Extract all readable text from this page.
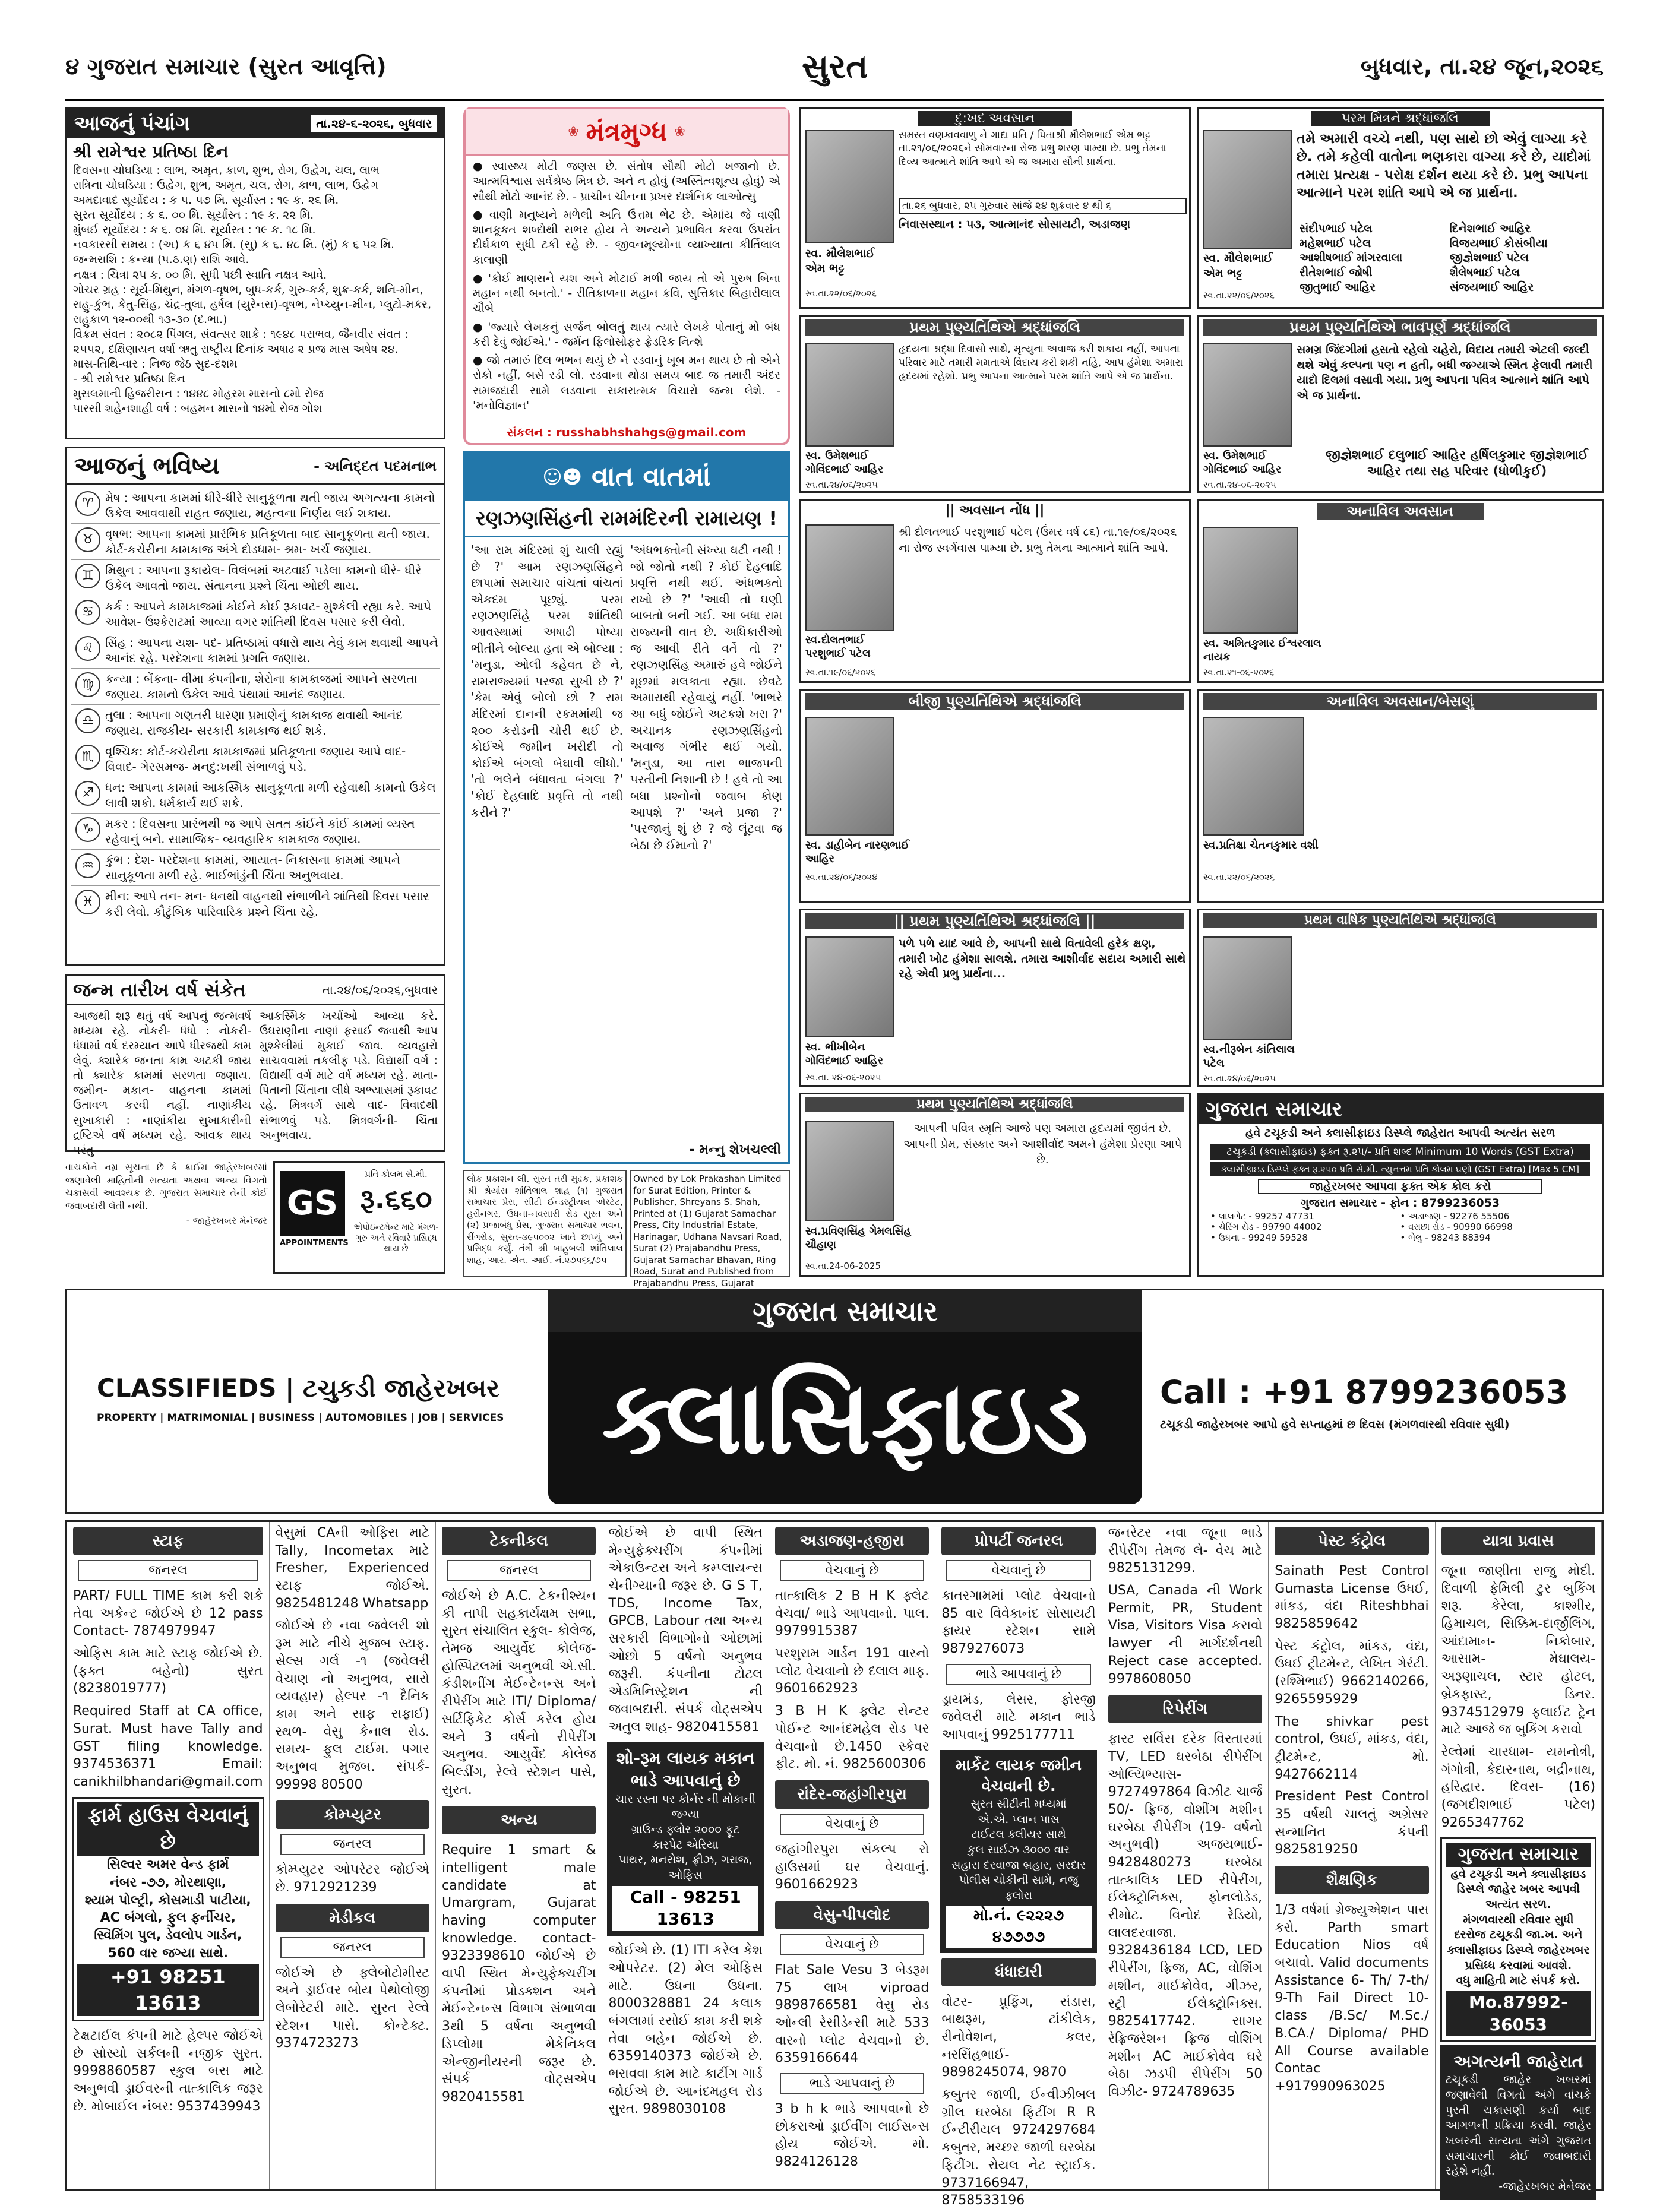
૪ ગુજરાત સમાચાર (સુરત આવૃત્તિ)	સુરત	બુધવાર, તા.૨૪ જૂન,૨૦૨૬
આજનું પંચાંગ	તા.૨૪-૬-૨૦૨૬, બુધવાર
શ્રી રામેશ્વર પ્રતિષ્ઠા દિન
દિવસના ચોઘડિયા : લાભ, અમૃત, કાળ, શુભ, રોગ, ઉદ્વેગ, ચલ, લાભ
રાત્રિના ચોઘડિયા : ઉદ્વેગ, શુભ, અમૃત, ચલ, રોગ, કાળ, લાભ, ઉદ્વેગ
અમદાવાદ સૂર્યોદય : ક ૫. ૫૭ મિ. સૂર્યાસ્ત : ૧૯ ક. ૨૬ મિ.
સુરત સૂર્યોદય : ક ૬. ૦૦ મિ. સૂર્યાસ્ત : ૧૯ ક. ૨૨ મિ.
મુંબઈ સૂર્યોદય : ક ૬. ૦૪ મિ. સૂર્યાસ્ત : ૧૯ ક. ૧૮ મિ.
નવકારસી સમય : (અ) ક ૬ ૪૫ મિ. (સુ) ક ૬. ૪૮ મિ. (મું) ક ૬ ૫૨ મિ.
જન્મરાશિ : કન્યા (પ.ઠ.ણ) રાશિ આવે.
નક્ષત્ર : ચિત્રા ૨૫ ક. ૦૦ મિ. સુધી પછી સ્વાતિ નક્ષત્ર આવે.
ગોચર ગ્રહ : સૂર્ય-મિથુન, મંગળ-વૃષભ, બુધ-કર્ક, ગુરુ-કર્ક, શુક્ર-કર્ક, શનિ-મીન, રાહુ-કુંભ, કેતુ-સિંહ, ચંદ્ર-તુલા, હર્ષલ (યુરેનસ)-વૃષભ, નેપ્ચ્યુન-મીન, પ્લુટો-મકર, રાહુકાળ ૧૨-૦૦થી ૧૩-૩૦ (દ.ભા.)
વિક્રમ સંવત : ૨૦૮૨ પિંગલ, સંવત્સર શાકે : ૧૯૪૮ પરાભવ, જૈનવીર સંવત : ૨૫૫૨, દક્ષિણાયન વર્ષા ઋતુ રાષ્ટ્રીય દિનાંક અષાઢ ૨ પ્રજ માસ અષેષ ૨૪.
માસ-તિથિ-વાર : નિજ જેઠ સુદ-દશમ
- શ્રી રામેશ્વર પ્રતિષ્ઠા દિન
મુસલમાની હિજરીસન : ૧૪૪૮ મોહરમ માસનો ૮મો રોજ
પારસી શહેનશાહી વર્ષ : બહમન માસનો ૧૪મો રોજ ગોશ
આજનું ભવિષ્ય	- અનિદ્દત પદમનાભ
♈ મેષ : આપના કામમાં ધીરે-ધીરે સાનુકૂળતા થતી જાય અગત્યના કામનો ઉકેલ આવવાથી રાહત જણાય, મહત્વના નિર્ણય લઈ શકાય.
♉ વૃષભ: આપના કામમાં પ્રારંભિક પ્રતિકૂળતા બાદ સાનુકૂળતા થતી જાય. કોર્ટ-કચેરીના કામકાજ અંગે દોડધામ- શ્રમ- ખર્ચ જણાય.
♊ મિથુન : આપના રૂકાયેલ- વિલંબમાં અટવાઈ પડેલા કામનો ધીરે- ધીરે ઉકેલ આવતો જાય. સંતાનના પ્રશ્ને ચિંતા ઓછી થાય.
♋ કર્ક : આપને કામકાજમાં કોઈને કોઈ રૂકાવટ- મુશ્કેલી રહ્યા કરે. આપે આવેશ- ઉશ્કેરાટમાં આવ્યા વગર શાંતિથી દિવસ પસાર કરી લેવો.
♌ સિંહ : આપના યશ- પદ- પ્રતિષ્ઠામાં વધારો થાય તેવું કામ થવાથી આપને આનંદ રહે. પરદેશના કામમાં પ્રગતિ જણાય.
♍ કન્યા : બેંકના- વીમા કંપનીના, શેરોના કામકાજમાં આપને સરળતા જણાય. કામનો ઉકેલ આવે પંથામાં આનંદ જણાય.
♎ તુલા : આપના ગણતરી ધારણા પ્રમાણેનું કામકાજ થવાથી આનંદ જણાય. રાજકીય- સરકારી કામકાજ થઈ શકે.
♏ વૃશ્ચિક: કોર્ટ-કચેરીના કામકાજમાં પ્રતિકૂળતા જણાય આપે વાદ- વિવાદ- ગેરસમજ- મનદુ:ખથી સંભાળવું પડે.
♐ ધન: આપના કામમાં આકસ્મિક સાનુકૂળતા મળી રહેવાથી કામનો ઉકેલ લાવી શકો. ધર્મકાર્ય થઈ શકે.
♑ મકર : દિવસના પ્રારંભથી જ આપે સતત કાંઈને કાંઈ કામમાં વ્યસ્ત રહેવાનું બને. સામાજિક- વ્યવહારિક કામકાજ જણાય.
♒ કુંભ : દેશ- પરદેશના કામમાં, આયાત- નિકાસના કામમાં આપને સાનુકૂળતા મળી રહે. ભાઈભાંડુંની ચિંતા અનુભવાય.
♓ મીન: આપે તન- મન- ધનથી વાહનથી સંભાળીને શાંતિથી દિવસ પસાર કરી લેવો. કૌટુંબિક પારિવારિક પ્રશ્ને ચિંતા રહે.
જન્મ તારીખ વર્ષ સંકેત	તા.૨૪/૦૬/૨૦૨૬,બુધવાર
આજથી શરૂ થતું વર્ષ આપનું જન્મવર્ષ મધ્યમ રહે. નોકરી- ધંધો : નોકરી- ધંધામાં વર્ષ દરમ્યાન આપે ધીરજથી કામ લેવું. ક્યારેક જનતા કામ અટકી જાય તો ક્યારેક કામમાં સરળતા જણાય. જમીન- મકાન- વાહનના કામમાં ઉતાવળ કરવી નહીં. નાણાંકીય સુખાકારી : નાણાંકીય સુખાકારીની દ્રષ્ટિએ વર્ષ મધ્યમ રહે. આવક થાય પરંતુ
આકસ્મિક ખર્ચાઓ આવ્યા કરે. ઉઘરાણીના નાણાં ફસાઈ જવાથી આપ મુશ્કેલીમાં મુકાઈ જાવ. વ્યવહારો સાચવવામાં તકલીફ પડે. વિદ્યાર્થી વર્ગ : વિદ્યાર્થી વર્ગ માટે વર્ષ મધ્યમ રહે. માતા- પિતાની ચિંતાના લીધે અભ્યાસમાં રૂકાવટ રહે. મિત્રવર્ગ સાથે વાદ- વિવાદથી સંભાળવું પડે. મિત્રવર્ગની- ચિંતા અનુભવાય.
વાચકોને નમ્ર સૂચના છે કે ક્રાઈમ જાહેરખબરમાં જણાવેલી માહિતીની સત્યતા અથવા અન્ય વિગતો ચકાસવી આવશ્યક છે. ગુજરાત સમાચાર તેની કોઈ જવાબદારી લેતી નથી.
- જાહેરખબર મેનેજર GS
APPOINTMENTS
પ્રતિ કોલમ સે.મી.
રૂ.૬૬૦
એપોઇન્ટમેન્ટ માટે મંગળ-ગુરુ અને રવિવારે પ્રસિદ્ધ થાય છે
❀ મંત્રમુગ્ધ ❀
● સ્વાસ્થ્ય મોટી જણસ છે. સંતોષ સૌથી મોટો ખજાનો છે. આત્મવિશ્વાસ સર્વશ્રેષ્ઠ મિત્ર છે. અને ન હોવું (અસ્તિત્વશૂન્ય હોવું) એ સૌથી મોટો આનંદ છે. - પ્રાચીન ચીનના પ્રખર દાર્શનિક લાઓત્સુ
● વાણી મનુષ્યને મળેલી અતિ ઉત્તમ ભેટ છે. એમાંય જે વાણી શાનકૂકત શબ્દોથી સભર હોય તે અન્યને પ્રભાવિત કરવા ઉપરાંત દીર્ઘકાળ સુધી ટકી રહે છે. - જીવનમૂલ્યોના વ્યાખ્યાતા કીર્તિલાલ કાલાણી
● 'કોઈ માણસને યશ અને મોટાઈ મળી જાય તો એ પુરુષ બિના મહાન નથી બનતો.' - રીતિકાળના મહાન કવિ, સુત્તિકાર બિહારીલાલ ચૌબે
● 'જ્યારે લેખકનું સર્જન બોલતું થાય ત્યારે લેખકે પોતાનું મોં બંધ કરી દેવું જોઈએ.' - જર્મન ફિલોસોફર ફ્રેડરિક નિત્શે
● જો તમારું દિલ ભભન થયું છે ને રડવાનું ખૂબ મન થાય છે તો એને રોકો નહીં, બસે રડી લો. રડવાના થોડા સમય બાદ જ તમારી અંદર સમજદારી સામે લડવાના સકારાત્મક વિચારો જન્મ લેશે. - 'મનોવિજ્ઞાન'
સંકલન : russhabhshahgs@gmail.com
☺☻ વાત વાતમાં
રણઝણસિંહની રામમંદિરની રામાયણ !
'આ રામ મંદિરમાં શું ચાલી રહ્યું છે ?' આમ રણઝણસિંહને છાપામાં સમાચાર વાંચતાં વાંચતાં એકદમ પૂછ્યું. પરમ રણઝણસિંહે પરમ શાંતિથી આવસ્થામાં અષાઢી પોષ્યા ભીતીને બોલ્યા હતા એ બોલ્યા : 'મનુડા, ઓલી કહેવત છે ને, રામરાજ્યમાં પરજા સુખી છે ?' 'કેમ એવું બોલો છો ? રામ મંદિરમાં દાનની રકમમાંથી જ ૨૦૦ કરોડની ચોરી થઈ છે. કોઈએ જમીન ખરીદી તો કોઈએ બંગલો બેઘાવી લીધો.' 'તો ભલેને બંધાવતા બંગલા ?' 'કોઈ દેહલાદિ પ્રવૃત્તિ તો નથી કરીને ?'
'અંધભક્તોની સંખ્યા ઘટી નથી ! જો જોતો નથી ? કોઈ દેહલાદિ પ્રવૃત્તિ નથી થઈ. અંધભક્તો રાખો છે ?' 'આવી તો ઘણી બાબતો બની ગઈ. આ બધા રામ રાજ્યની વાત છે. અધિકારીઓ જ આવી રીતે વર્તે તો ?' રણઝણસિંહ અમારું હવે જોઈને મૂછમાં મલકાતા રહ્યા. છેવટે અમારાથી રહેવાયું નહીં. 'ભાભરે આ બધું જોઈને અટકશે ખરા ?' અચાનક રણઝણસિંહનો અવાજ ગંભીર થઈ ગયો. 'મનુડા, આ તારા ભાજપની પરતીની નિશાની છે ! હવે તો આ બધા પ્રશ્નોનો જવાબ કોણ આપશે ?' 'અને પ્રજા ?' 'પરજાનું શું છે ? જે લૂંટવા જ બેઠા છે ઈમાનો ?'
- મન્નુ શેખચલ્લી
લોક પ્રકાશન લી. સુરત તરી મુદ્રક, પ્રકાશક શ્રી શ્રેયાંસ શાંતિલાલ શાહ (૧) ગુજરાત સમાચાર પ્રેસ, સીટી ઈન્ડસ્ટ્રીયલ એસ્ટેટ, હરીનગર, ઉધના-નવસારી રોડ સુરત અને (૨) પ્રજાબંધુ પ્રેસ, ગુજરાત સમાચાર ભવન, રીંગરોડ, સુરત-૩૯૫૦૦૨ ખાતે છાપ્યું અને પ્રસિદ્ધ કર્યું. તંત્રી શ્રી બાહુબલી શાંતિલાલ શાહ, આર. એન. આઈ. નં.૨૭૫૬૬/૭૫
Owned by Lok Prakashan Limited for Surat Edition, Printer & Publisher, Shreyans S. Shah, Printed at (1) Gujarat Samachar Press, City Industrial Estate, Harinagar, Udhana Navsari Road, Surat (2) Prajabandhu Press, Gujarat Samachar Bhavan, Ring Road, Surat and Published from Prajabandhu Press, Gujarat
દુ:ખદ અવસાન
સમસ્ત વણકાવવાળુ ને ગાદા પ્રતિ / પિતાશ્રી મૌલેશભાઈ એમ ભટ્ટ તા.૨૧/૦૬/૨૦૨૬ને સોમવારના રોજ પ્રભુ શરણ પામ્યા છે. પ્રભુ તેમના દિવ્ય આત્માને શાંતિ આપે એ જ અમારા સૌની પ્રાર્થના.
તા.૨૬ બુધવાર, ૨૫ ગુરુવાર સાંજે ૨૪ શુક્રવાર ૪ થી ૬
નિવાસસ્થાન : ૫૩, આત્માનંદ સોસાયટી, અડાજણ
સ્વ. મૌલેશભાઈ એમ ભટ્ટ
સ્વ.તા.૨૨/૦૬/૨૦૨૬
પરમ મિત્રને શ્રદ્ધાંજલિ
તમે અમારી વચ્ચે નથી, પણ સાથે છો એવું લાગ્યા કરે છે. તમે કહેલી વાતોના ભણકારા વાગ્યા કરે છે, યાદોમાં તમારા પ્રત્યક્ષ - પરોક્ષ દર્શન થયા કરે છે. પ્રભુ આપના આત્માને પરમ શાંતિ આપે એ જ પ્રાર્થના.
સ્વ. મૌલેશભાઈ એમ ભટ્ટ
સ્વ.તા.૨૨/૦૬/૨૦૨૬
સંદીપભાઈ પટેલ	દિનેશભાઈ આહિર
મહેશભાઈ પટેલ	વિજયભાઈ કોસંબીયા
આશીષભાઈ માંગરવાલા	જીજ્ઞેશભાઈ પટેલ
રીતેશભાઈ જોષી	શૈલેષભાઈ પટેલ
જીતુભાઈ આહિર	સંજયભાઈ આહિર
પ્રથમ પુણ્યતિથિએ શ્રદ્ધાંજલિ
હૃદયના શ્રદ્ધા દિવાસો સાથે, મૃત્યુના અવાજ કરી શકાય નહીં, આપના પરિવાર માટે તમારી મમતાએ વિદાય કરી શકી નહિ, આપ હંમેશા અમારા હૃદયમાં રહેશો. પ્રભુ આપના આત્માને પરમ શાંતિ આપે એ જ પ્રાર્થના.
સ્વ. ઉમેશભાઈ ગોવિંદભાઈ આહિર
સ્વ.તા.૨૪/૦૬/૨૦૨૫
પ્રથમ પુણ્યતિથિએ ભાવપૂર્ણ શ્રદ્ધાંજલિ
સમગ્ર જિંદગીમાં હસતો રહેલો ચહેરો, વિદાય તમારી એટલી જલ્દી થશે એવું કલ્પના પણ ન હતી, બધી જગ્યાએ સ્મિત ફેલાવી તમારી યાદો દિલમાં વસાવી ગયા. પ્રભુ આપના પવિત્ર આત્માને શાંતિ આપે એ જ પ્રાર્થના.
સ્વ. ઉમેશભાઈ ગોવિંદભાઈ આહિર
સ્વ.તા.૨૪-૦૬-૨૦૨૫
જીજ્ઞેશભાઈ દલુભાઈ આહિર હર્ષિલકુમાર જીજ્ઞેશભાઈ આહિર તથા સહ પરિવાર (ધોળીકુઈ)
|| અવસાન નોંધ ||
શ્રી દોલતભાઈ પરશુભાઈ પટેલ (ઉંમર વર્ષ ૮૬) તા.૧૯/૦૬/૨૦૨૬ ના રોજ સ્વર્ગવાસ પામ્યા છે. પ્રભુ તેમના આત્માને શાંતિ આપે.
સ્વ.દોલતભાઈ પરશુભાઈ પટેલ
સ્વ.તા.૧૯/૦૬/૨૦૨૬
અનાવિલ અવસાન
સ્વ. અમિતકુમાર ઈશ્વરલાલ નાયક
સ્વ.તા.૨૧-૦૬-૨૦૨૬
બીજી પુણ્યતિથિએ શ્રદ્ધાંજલિ
સ્વ. ડાહીબેન નારણભાઈ આહિર
સ્વ.તા.૨૪/૦૬/૨૦૨૪
અનાવિલ અવસાન/બેસણું
સ્વ.પ્રતિક્ષા ચેતનકુમાર વશી
સ્વ.તા.૨૨/૦૬/૨૦૨૬
|| પ્રથમ પુણ્યતિથિએ શ્રદ્ધાંજલિ ||
પળે પળે યાદ આવે છે, આપની સાથે વિતાવેલી હરેક ક્ષણ, તમારી ખોટ હંમેશા સાલશે. તમારા આશીર્વાદ સદાય અમારી સાથે રહે એવી પ્રભુ પ્રાર્થના...
સ્વ. ભીખીબેન ગોવિંદભાઈ આહિર
સ્વ.તા. ૨૪-૦૬-૨૦૨૫
પ્રથમ વાર્ષિક પુણ્યતિથિએ શ્રદ્ધાંજલિ
સ્વ.નીરૂબેન કાંતિલાલ પટેલ
સ્વ.તા.૨૪/૦૬/૨૦૨૫
પ્રથમ પુણ્યતિથિએ શ્રદ્ધાંજલિ
આપની પવિત્ર સ્મૃતિ આજે પણ અમારા હૃદયમાં જીવંત છે. આપની પ્રેમ, સંસ્કાર અને આશીર્વાદ અમને હંમેશા પ્રેરણા આપે છે.
સ્વ.પ્રવિણસિંહ ગેમલસિંહ ચૌહાણ
સ્વ.તા.24-06-2025
ગુજરાત સમાચાર
હવે ટચૂકડી અને ક્લાસીફાઇડ ડિસ્પ્લે જાહેરાત આપવી અત્યંત સરળ
ટચૂકડી (ક્લાસીફાઇડ) ફક્ત રૂ.૨૫/- પ્રતિ શબ્દ Minimum 10 Words (GST Extra)
ક્લાસીફાઇડ ડિસ્પ્લે ફક્ત રૂ.૨૫૦ પ્રતિ સે.મી. ન્યુનત્તમ પ્રતિ કોલમ ઘણો (GST Extra) [Max 5 CM]
જાહેરખબર આપવા ફક્ત એક કોલ કરો
ગુજરાત સમાચાર - ફોન : 8799236053
• લાલગેટ - 99257 47731	• અડાજણ - 92276 55506
• ચેરિંગ રોડ - 99790 44002	• વરાછા રોડ - 90990 66998
• ઉધના - 99249 59528	• બેલુ - 98243 88394
ગુજરાત સમાચાર
ક્લાસિફાઇડ
CLASSIFIEDS | ટચુકડી જાહેરખબર
PROPERTY | MATRIMONIAL | BUSINESS | AUTOMOBILES | JOB | SERVICES
Call : +91 8799236053
ટચૂકડી જાહેરખબર આપો હવે સપ્તાહમાં છ દિવસ (મંગળવારથી રવિવાર સુધી)
સ્ટાફ
જનરલ
PART/ FULL TIME કામ કરી શકે તેવા અકેન્ટ જોઈએ છે 12 pass Contact- 7874979947
ઓફિસ કામ માટે સ્ટાફ જોઈએ છે. (ફક્ત બહેનો) સુરત (8238019777)
Required Staff at CA office, Surat. Must have Tally and GST filing knowledge. 9374536371 Email: canikhilbhandari@gmail.com
ફાર્મ હાઉસ વેચવાનું છે
સિલ્વર અમર વેન્ડ ફાર્મ
નંબર -૭૭, મોરથાણા,
શ્યામ પોલ્ટ્રી, કોસમાડી પાટીયા,
AC બંગલો, ફુલ ફર્નીચર,
સ્વિમિંગ પુલ, ડેવલોપ ગાર્ડન,
560 વાર જગ્યા સાથે.
+91 98251 13613
ટેક્ષટાઈલ કંપની માટે હેલ્પર જોઈએ છે સોસ્યો સર્કલની નજીક સુરત. 9998860587 સ્કુલ બસ માટે અનુભવી ડ્રાઈવરની તાત્કાલિક જરૂર છે. મોબાઈલ નંબર: 9537439943
વેસુમાં CAની ઓફિસ માટે Tally, Incometax માટે Fresher, Experienced સ્ટાફ જોઈએ. 9825481248 Whatsapp
જોઈએ છે નવા જવેલરી શો રૂમ માટે નીચે મુજબ સ્ટાફ. સેલ્સ ગર્લ -૧ (જવેલરી વેચાણ નો અનુભવ, સારો વ્યવહાર) હેલ્પર -૧ દૈનિક કામ અને સાફ સફાઈ) સ્થળ- વેસુ કેનાલ રોડ. સમય- ફુલ ટાઈમ. પગાર અનુભવ મુજબ. સંપર્ક- 99998 80500
કોમ્પ્યુટર
જનરલ
કોમ્પ્યુટર ઓપરેટર જોઈએ છે. 9712921239
મેડીકલ
જનરલ
જોઈએ છે ફ્લેબોટોમીસ્ટ અને ડ્રાઈવર બોય પેથોલોજી લેબોરેટરી માટે. સુરત રેલ્વે સ્ટેશન પાસે. કોન્ટેક્ટ. 9374723273
ટેકનીકલ
જનરલ
જોઈએ છે A.C. ટેકનીશ્યન કી તાપી સહકાર્યક્ષમ સભા, સુરત સંચાલિત સ્કુલ- કોલેજ, તેમજ આયુર્વેદ કોલેજ- હોસ્પિટલમાં અનુભવી એ.સી. કંડીશનીંગ મેઈન્ટેનન્સ અને રીપેરીંગ માટે ITI/ Diploma/ સર્ટિફિકેટ કોર્સ કરેલ હોય અને 3 વર્ષનો રીપેરીંગ અનુભવ. આયુર્વેદ કોલેજ બિલ્ડીંગ, રેલ્વે સ્ટેશન પાસે, સુરત.
અન્ય
Require 1 smart & intelligent male candidate at Umargram, Gujarat having computer knowledge. contact- 9323398610 જોઈએ છે વાપી સ્થિત મેન્યુફેક્ચરીંગ કંપનીમાં પ્રોડક્શન અને મેઈન્ટેનન્સ વિભાગ સંભાળવા 3થી 5 વર્ષના અનુભવી ડિપ્લોમા મેકેનિકલ એન્જીનીયરની જરૂર છે. સંપર્ક વોટ્સએપ 9820415581
જોઈએ છે વાપી સ્થિત મેન્યુફેક્ચરીંગ કંપનીમાં એકાઉન્ટસ અને કમ્પ્લાયન્સ ચેનીગ્યાની જરૂર છે. G S T, TDS, Income Tax, GPCB, Labour તથા અન્ય સરકારી વિભાગોનો ઓછામાં ઓછો 5 વર્ષનો અનુભવ જરૂરી. કંપનીના ટોટલ એડમિનિસ્ટ્રેશન ની જવાબદારી. સંપર્ક વોટ્સએપ અતુલ શાહ- 9820415581
શો-રૂમ લાયક મકાન ભાડે આપવાનું છે
ચાર રસ્તા પર કોર્નર ની મોકાની જગ્યા
ગ્રાઉન્ડ ફ્લોર ૨૦૦૦ ફૂટ
કારપેટ એરિયા
પાથર, મનસેશ, ફ્રીઝ, ગરાજ, ઓફિસ
Call - 98251 13613
જોઈએ છે. (1) ITI કરેલ કેશ ઓપરેટર. (2) મેલ ઓફિસ માટે. ઉધના ઉધના. 8000328881 24 કલાક બંગલામાં રસોઈ કામ કરી શકે તેવા બહેન જોઈએ છે. 6359140373 જોઈએ છે. ભરાવવા કામ માટે કાર્ટીગ ગાર્ડ જોઈએ છે. આનંદમહલ રોડ સુરત. 9898030108
અડાજણ-હજીરા
વેચવાનું છે
તાત્કાલિક 2 B H K ફ્લેટ વેચવા/ ભાડે આપવાનો. પાલ. 9979915387
પરશુરામ ગાર્ડન 191 વારનો પ્લોટ વેચવાનો છે દલાલ માફ. 9601662923
3 B H K ફ્લેટ સેન્ટર પોઈન્ટ આનંદમહેલ રોડ પર વેચવાનો છે.1450 સ્કેવર ફીટ. મો. નં. 9825600306
રાંદેર-જહાંગીરપુરા
વેચવાનું છે
જહાંગીરપુરા સંકલ્પ રો હાઉસમાં ઘર વેચવાનું. 9601662923
વેસુ-પીપલોદ
વેચવાનું છે
Flat Sale Vesu 3 બેડરૂમ 75 લાખ viproad 9898766581 વેસુ રોડ ઓન્લી રેસીડેન્સી માટે 533 વારનો પ્લોટ વેચવાનો છે. 6359166644
ભાડે આપવાનું છે
3 b h k ભાડે આપવાનો છે છોકરાઓ ડ્રાઈવીંગ લાઈસન્સ હોય જોઈએ. મો. 9824126128
પ્રોપર્ટી જનરલ
વેચવાનું છે
કાતરગામમાં પ્લોટ વેચવાનો 85 વાર વિવેકાનંદ સોસાયટી ફાયર સ્ટેશન સામે 9879276073
ભાડે આપવાનું છે
ડ્રાયમંડ, લેસર, ફોરજી જવેલરી માટે મકાન ભાડે આપવાનું 9925177711
માર્કેટ લાયક જમીન વેચવાની છે.
સુરત સીટીની મધ્યમાં
એ.એ. પ્લાન પાસ
ટાઈટલ ક્લીયર સાથે
કુલ સાઈઝ ૩૦૦૦ વાર
સહારા દરવાજા બ્રહાર, સરદાર પોલીસ ચોકીની સામે, નજુ ફ્લોરા
મો.નં. ૯૨૨૨૭ ૪૭૭૭૭
ધંધાદારી
વોટર- પ્રૂફિંગ, સંડાસ, બાથરૂમ, ટાંકીલેક, રીનોવેશન, કલર, નરસિંહભાઈ- 9898245074, 9870
કબુતર જાળી, ઈન્વીઝીબલ ગ્રીલ ઘરબેઠા ફિટીંગ R R ઈન્ટીરીયલ 9724297684 કબુતર, મચ્છર જાળી ઘરબેઠા ફિટીંગ. રોયલ નેટ સ્ટ્રાઈક. 9737166947, 8758533196
જનરેટર નવા જૂના ભાડે રીપેરીંગ તેમજ લે- વેચ માટે 9825131299.
USA, Canada ની Work Permit, PR, Student Visa, Visitors Visa કરાવો lawyer ની માર્ગદર્શનથી Reject case accepted. 9978608050
રિપેરીંગ
ફાસ્ટ સર્વિસ દરેક વિસ્તારમાં TV, LED ઘરબેઠા રીપેરીંગ ઓલ્યિભ્યાસ- 9727497864 વિઝીટ ચાર્જ 50/- ફ્રિજ, વોશીંગ મશીન ઘરબેઠા રીપેરીંગ (19- વર્ષનો અનુભવી) અજયભાઈ- 9428480273 ઘરબેઠા તાત્કાલિક LED રીપેરીંગ, ઈલેક્ટ્રોનિક્સ, ફોનલોડેડ, રીમોટ. વિનોદ રેડિયો, લાલદરવાજા. 9328436184 LCD, LED રીપેરીંગ, ફ્રિજ, AC, વોશિંગ મશીન, માઈક્રોવેવ, ગીઝર, સ્ટ્રી ઈલેક્ટ્રોનિક્સ. 9825417742. સાગર રેફ્રિજરેશન ફ્રિજ વોશિંગ મશીન AC માઈક્રોવેવ ઘરે બેઠા ઝડપી રીપેરીંગ 50 વિઝીટ- 9724789635
પેસ્ટ કંટ્રોલ
Sainath Pest Control Gumasta License ઉધઈ, માંકડ, વંદા Riteshbhai 9825859642
પેસ્ટ કંટ્રોલ, માંકડ, વંદા, ઉધઈ ટ્રીટમેન્ટ, લેખિત ગેરંટી. (રશ્મિભાઈ) 9662140266, 9265595929
The shivkar pest control, ઉધઈ, માંકડ, વંદા, ટ્રીટમેન્ટ, મો. 9427662114
President Pest Control 35 વર્ષથી ચાલતું અગ્રેસર સન્માનિત કંપની 9825819250
શૈક્ષણિક
1/3 વર્ષમાં ગ્રેજ્યુએશન પાસ કરો. Parth smart Education Nios વર્ષ બચાવો. Valid documents Assistance 6- Th/ 7-th/ 9-Th Fail Direct 10-class /B.Sc/ M.Sc./ B.CA./ Diploma/ PHD All Course available Contac +917990963025
યાત્રા પ્રવાસ
જૂના જાણીતા રાજુ મોદી. દિવાળી ફેમિલી ટુર બુકિંગ શરૂ. કેરેલા, કાશ્મીર, હિમાચલ, સિક્કિમ-દાર્જીલિંગ, આંદામાન- નિકોબાર, આસામ- મેઘાલય- અરૂણાચલ, સ્ટાર હોટલ, બ્રેકફાસ્ટ, ડિનર. 9374512979 ફ્લાઈટ ટ્રેન માટે આજે જ બુકિંગ કરાવો
રેલ્વેમાં ચારધામ- યમનોત્રી, ગંગોત્રી, કેદારનાથ, બદ્રીનાથ, હરિદ્વાર. દિવસ- (16) (જગદીશભાઈ પટેલ) 9265347762
ગુજરાત સમાચાર
હવે ટચૂકડી અને ક્લાસીફાઇડ ડિસ્પ્લે જાહેર ખબર આપવી અત્યંત સરળ.
મંગળવારથી રવિવાર સુધી દરરોજ ટચૂકડી જા.ખ. અને ક્લાસીફાઇડ ડિસ્પ્લે જાહેરખબર પ્રસિધ્ધ કરવામાં આવશે.
વધુ માહિતી માટે સંપર્ક કરો.
Mo.87992-36053
અગત્યની જાહેરાત
ટચૂકડી જાહેર ખબરમાં જણાવેલી વિગતો અંગે વાંચકે પુરતી ચકાસણી કર્યા બાદ આગળની પ્રક્રિયા કરવી. જાહેર ખબરની સત્યતા અંગે ગુજરાત સમાચારની કોઈ જવાબદારી રહેશે નહીં.
-જાહેરખબર મેનેજર
